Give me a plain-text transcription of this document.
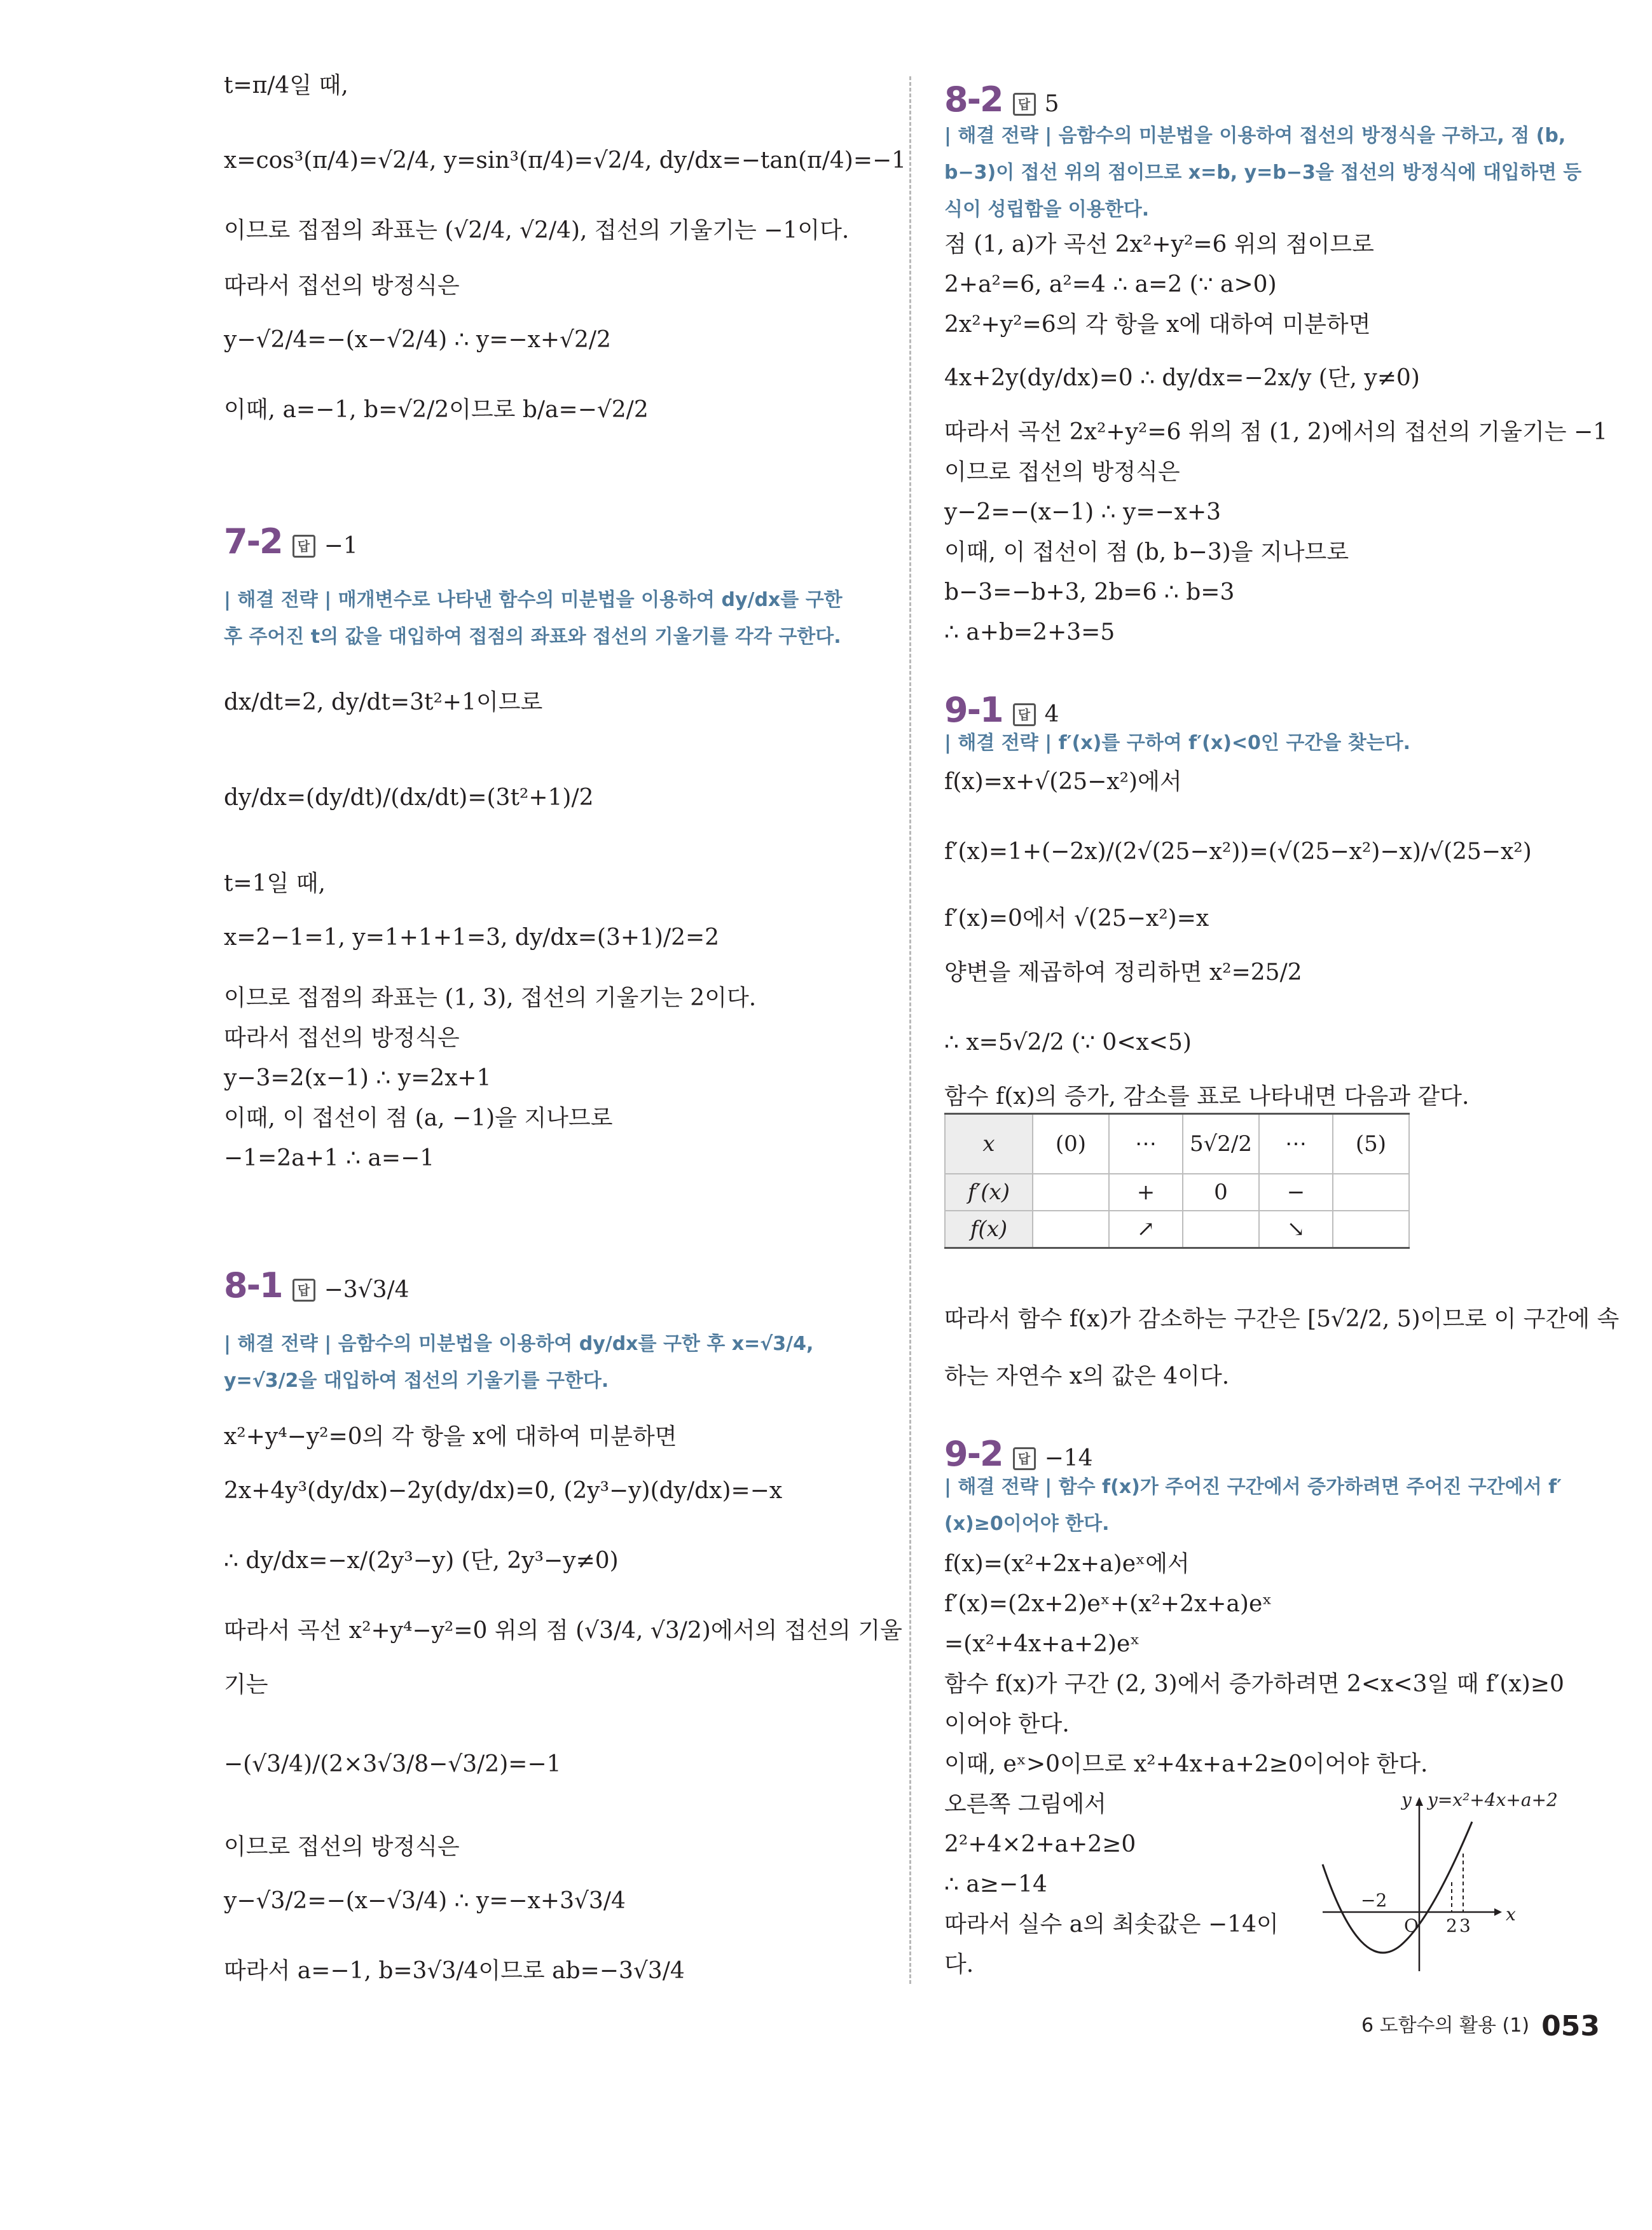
t=π/4일 때,
x=cos³(π/4)=√2/4, y=sin³(π/4)=√2/4, dy/dx=−tan(π/4)=−1
이므로 접점의 좌표는 (√2/4, √2/4), 접선의 기울기는 −1이다.
따라서 접선의 방정식은
y−√2/4=−(x−√2/4) ∴ y=−x+√2/2
이때, a=−1, b=√2/2이므로 b/a=−√2/2
7-2 답 −1
| 해결 전략 | 매개변수로 나타낸 함수의 미분법을 이용하여 dy/dx를 구한 후 주어진 t의 값을 대입하여 접점의 좌표와 접선의 기울기를 각각 구한다.
dx/dt=2, dy/dt=3t²+1이므로
dy/dx=(dy/dt)/(dx/dt)=(3t²+1)/2
t=1일 때,
x=2−1=1, y=1+1+1=3, dy/dx=(3+1)/2=2
이므로 접점의 좌표는 (1, 3), 접선의 기울기는 2이다.
따라서 접선의 방정식은
y−3=2(x−1) ∴ y=2x+1
이때, 이 접선이 점 (a, −1)을 지나므로
−1=2a+1 ∴ a=−1
8-1 답 −3√3/4
| 해결 전략 | 음함수의 미분법을 이용하여 dy/dx를 구한 후 x=√3/4, y=√3/2을 대입하여 접선의 기울기를 구한다.
x²+y⁴−y²=0의 각 항을 x에 대하여 미분하면
2x+4y³(dy/dx)−2y(dy/dx)=0, (2y³−y)(dy/dx)=−x
∴ dy/dx=−x/(2y³−y) (단, 2y³−y≠0)
따라서 곡선 x²+y⁴−y²=0 위의 점 (√3/4, √3/2)에서의 접선의 기울
기는
−(√3/4)/(2×3√3/8−√3/2)=−1
이므로 접선의 방정식은
y−√3/2=−(x−√3/4) ∴ y=−x+3√3/4
따라서 a=−1, b=3√3/4이므로 ab=−3√3/4
8-2 답 5
| 해결 전략 | 음함수의 미분법을 이용하여 접선의 방정식을 구하고, 점 (b, b−3)이 접선 위의 점이므로 x=b, y=b−3을 접선의 방정식에 대입하면 등식이 성립함을 이용한다.
점 (1, a)가 곡선 2x²+y²=6 위의 점이므로
2+a²=6, a²=4 ∴ a=2 (∵ a>0)
2x²+y²=6의 각 항을 x에 대하여 미분하면
4x+2y(dy/dx)=0 ∴ dy/dx=−2x/y (단, y≠0)
따라서 곡선 2x²+y²=6 위의 점 (1, 2)에서의 접선의 기울기는 −1
이므로 접선의 방정식은
y−2=−(x−1) ∴ y=−x+3
이때, 이 접선이 점 (b, b−3)을 지나므로
b−3=−b+3, 2b=6 ∴ b=3
∴ a+b=2+3=5
9-1 답 4
| 해결 전략 | f′(x)를 구하여 f′(x)<0인 구간을 찾는다.
f(x)=x+√(25−x²)에서
f′(x)=1+(−2x)/(2√(25−x²))=(√(25−x²)−x)/√(25−x²)
f′(x)=0에서 √(25−x²)=x
양변을 제곱하여 정리하면 x²=25/2
∴ x=5√2/2 (∵ 0<x<5)
함수 f(x)의 증가, 감소를 표로 나타내면 다음과 같다.
따라서 함수 f(x)가 감소하는 구간은 [5√2/2, 5)이므로 이 구간에 속
하는 자연수 x의 값은 4이다.
9-2 답 −14
| 해결 전략 | 함수 f(x)가 주어진 구간에서 증가하려면 주어진 구간에서 f′(x)≥0이어야 한다.
f(x)=(x²+2x+a)eˣ에서
f′(x)=(2x+2)eˣ+(x²+2x+a)eˣ
=(x²+4x+a+2)eˣ
함수 f(x)가 구간 (2, 3)에서 증가하려면 2<x<3일 때 f′(x)≥0
이어야 한다.
이때, eˣ>0이므로 x²+4x+a+2≥0이어야 한다.
오른쪽 그림에서
2²+4×2+a+2≥0
∴ a≥−14
따라서 실수 a의 최솟값은 −14이
다.
x	(0)	⋯	5√2/2	⋯	(5)
f′(x)		+	0	−	
f(x)		↗		↘	
y=x²+4x+a+2
y
x
O
−2
2 3
6 도함수의 활용 (1) 053
